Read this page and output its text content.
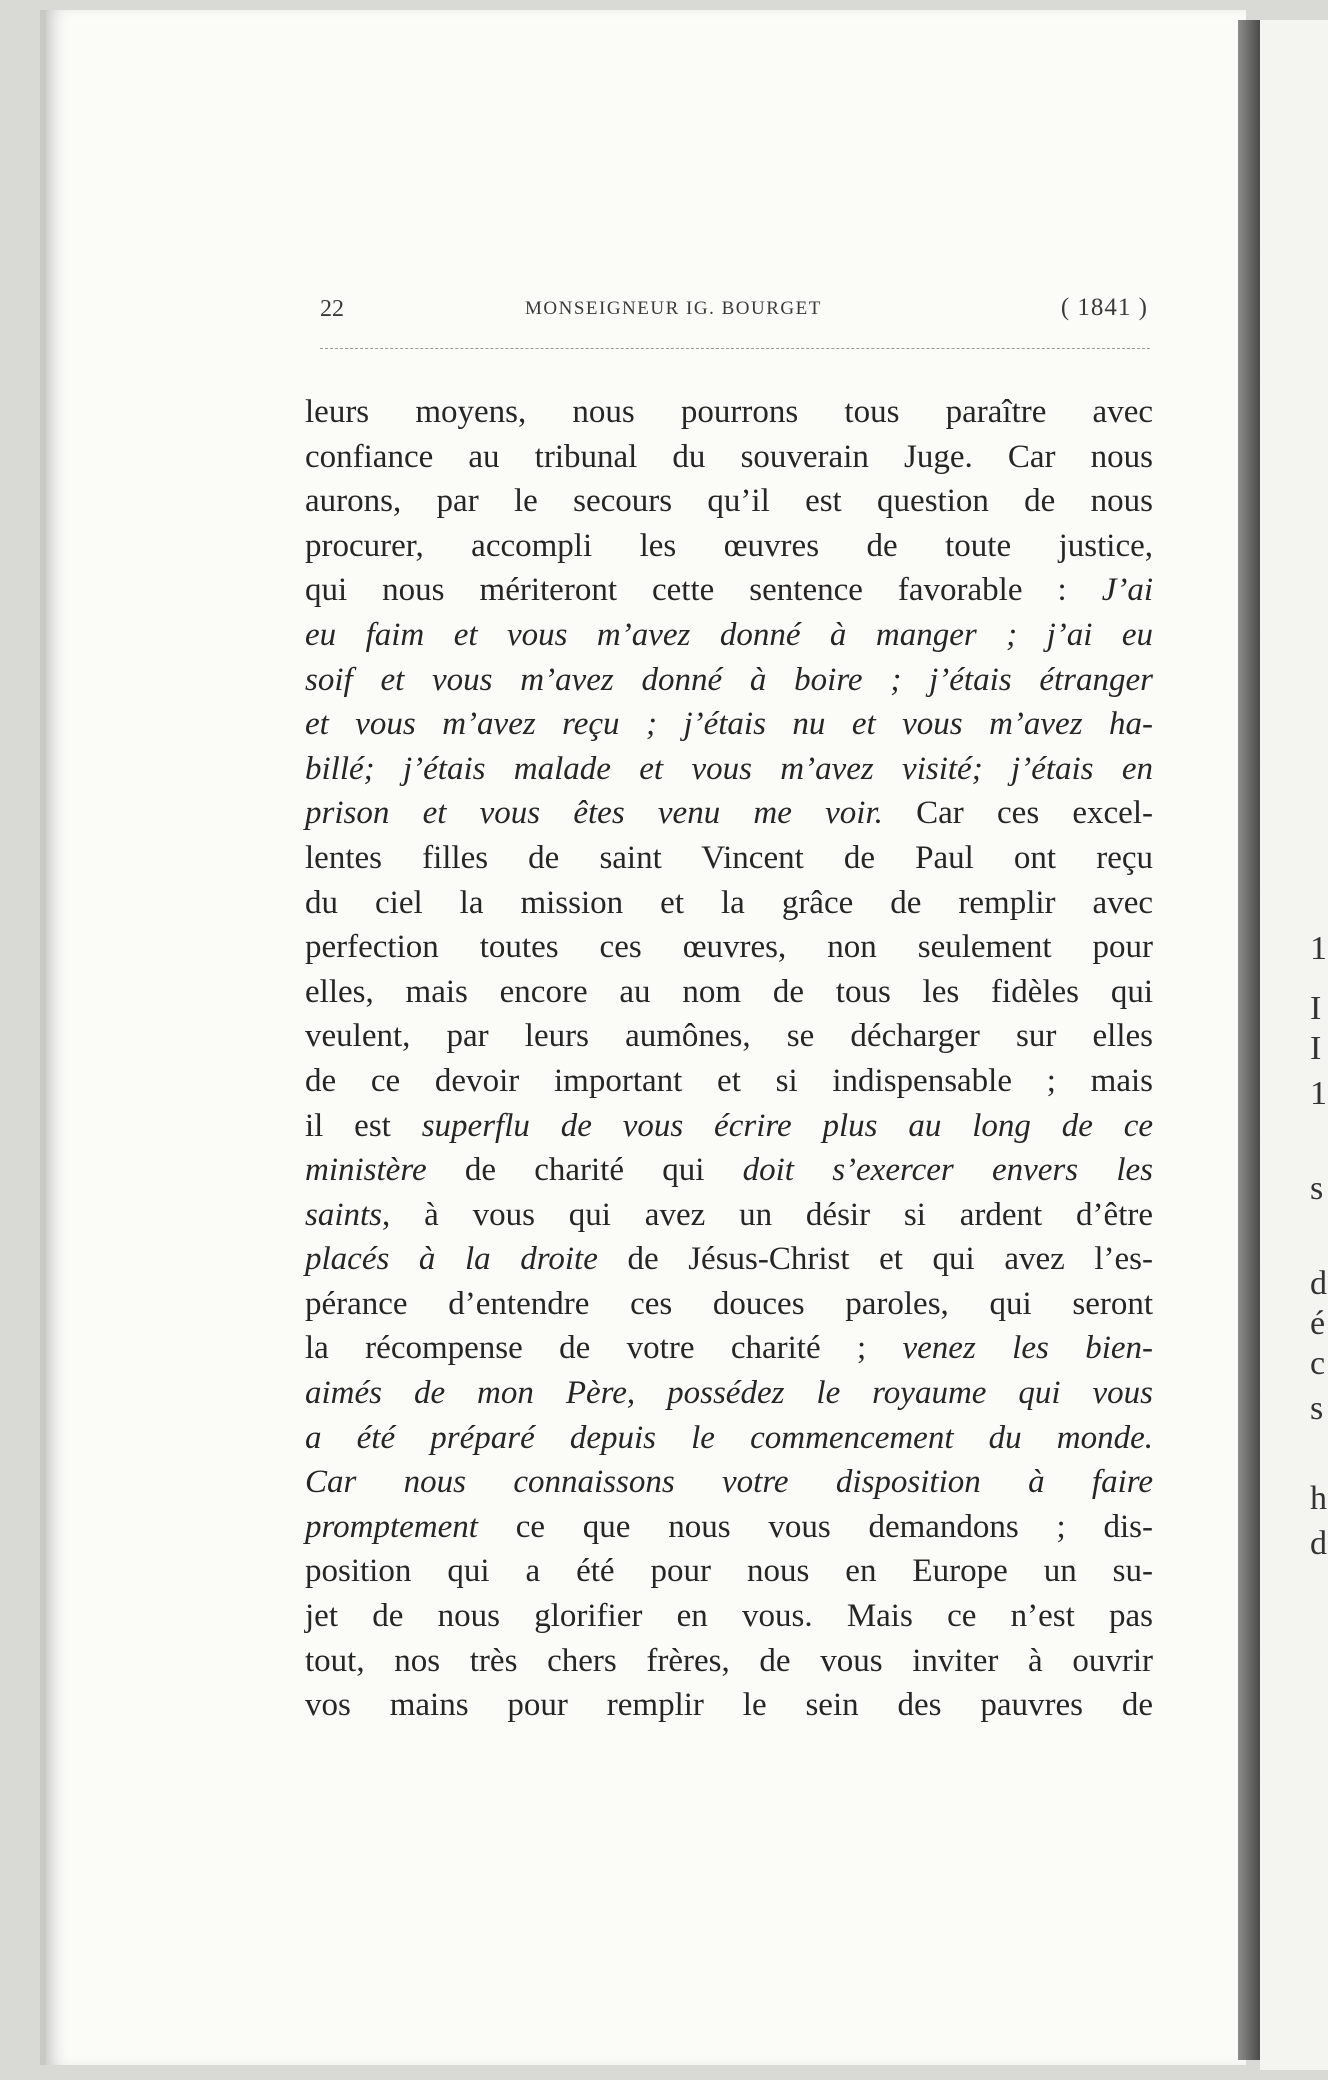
22	MONSEIGNEUR IG. BOURGET	( 1841 )
leurs moyens, nous pourrons tous paraître avec
confiance au tribunal du souverain Juge. Car nous
aurons, par le secours qu’il est question de nous
procurer, accompli les œuvres de toute justice,
qui nous mériteront cette sentence favorable : J’ai
eu faim et vous m’avez donné à manger ; j’ai eu
soif et vous m’avez donné à boire ; j’étais étranger
et vous m’avez reçu ; j’étais nu et vous m’avez ha-
billé; j’étais malade et vous m’avez visité; j’étais en
prison et vous êtes venu me voir. Car ces excel-
lentes filles de saint Vincent de Paul ont reçu
du ciel la mission et la grâce de remplir avec
perfection toutes ces œuvres, non seulement pour
elles, mais encore au nom de tous les fidèles qui
veulent, par leurs aumônes, se décharger sur elles
de ce devoir important et si indispensable ; mais
il est superflu de vous écrire plus au long de ce
ministère de charité qui doit s’exercer envers les
saints, à vous qui avez un désir si ardent d’être
placés à la droite de Jésus-Christ et qui avez l’es-
pérance d’entendre ces douces paroles, qui seront
la récompense de votre charité ; venez les bien-
aimés de mon Père, possédez le royaume qui vous
a été préparé depuis le commencement du monde.
Car nous connaissons votre disposition à faire
promptement ce que nous vous demandons ; dis-
position qui a été pour nous en Europe un su-
jet de nous glorifier en vous. Mais ce n’est pas
tout, nos très chers frères, de vous inviter à ouvrir
vos mains pour remplir le sein des pauvres de
1
I
I
1
s
d
é
c
s
h
d
